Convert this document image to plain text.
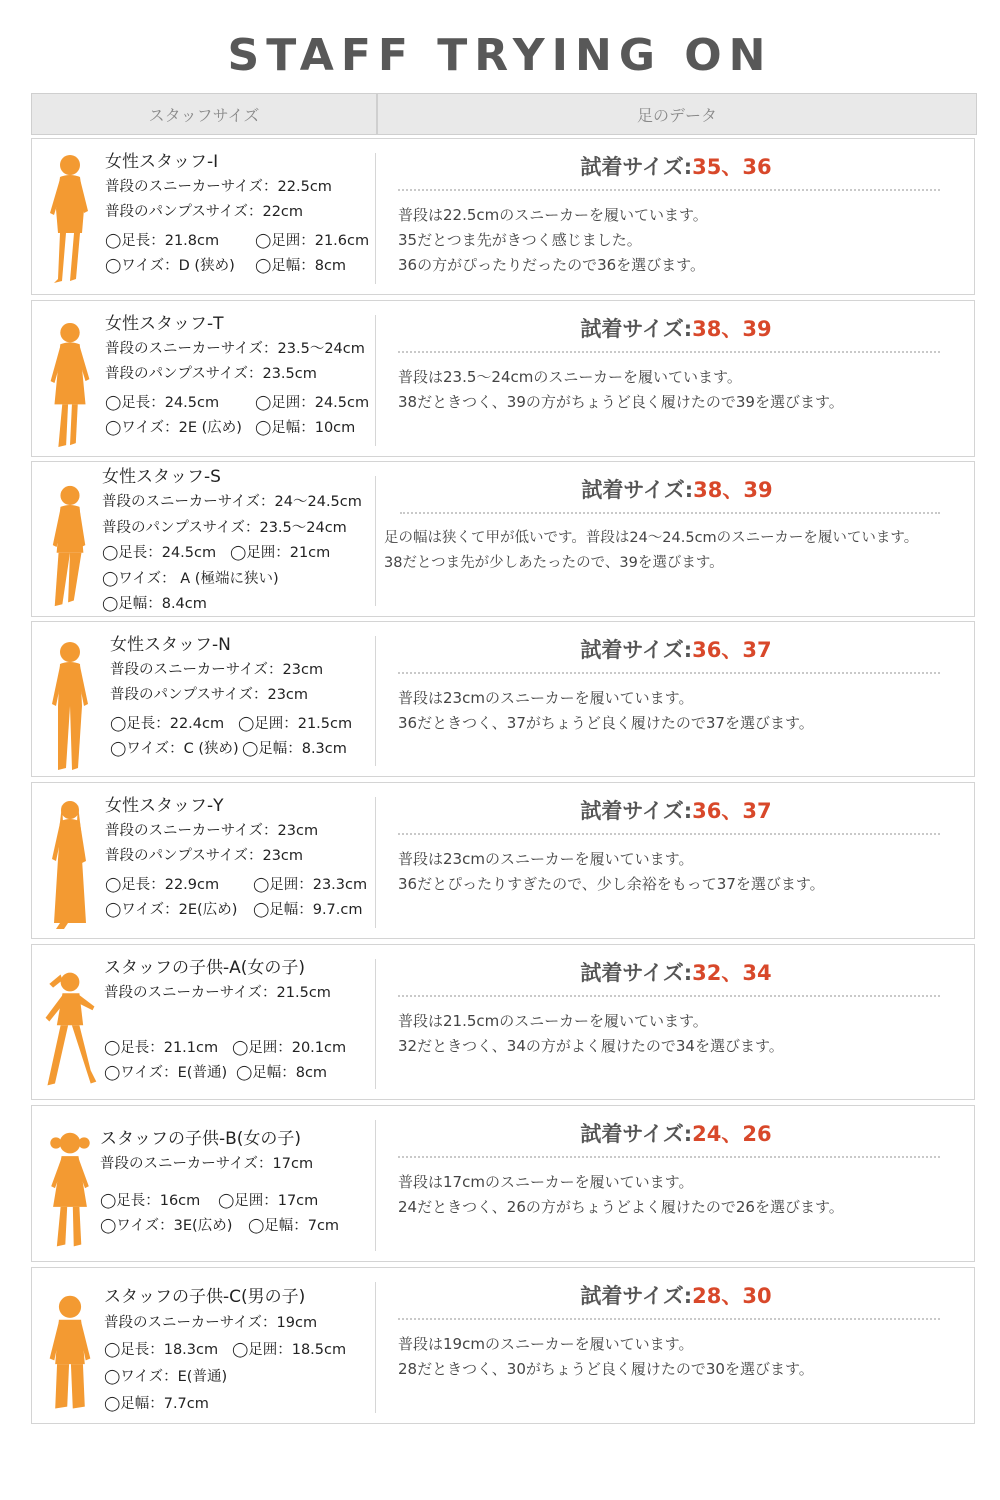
STAFF TRYING ON
スタッフサイズ	足のデータ
女性スタッフ-I
普段のスニーカーサイズ：22.5cm
普段のパンプスサイズ：22cm
◯足長：21.8cm	◯足囲：21.6cm
◯ワイズ：D (狭め)	◯足幅：8cm
試着サイズ:35、36
普段は22.5cmのスニーカーを履いています。
35だとつま先がきつく感じました。
36の方がぴったりだったので36を選びます。
女性スタッフ-T
普段のスニーカーサイズ：23.5〜24cm
普段のパンプスサイズ：23.5cm
◯足長：24.5cm	◯足囲：24.5cm
◯ワイズ：2E (広め) ◯足幅：10cm
試着サイズ:38、39
普段は23.5〜24cmのスニーカーを履いています。
38だときつく、39の方がちょうど良く履けたので39を選びます。
女性スタッフ-S
普段のスニーカーサイズ：24〜24.5cm
普段のパンプスサイズ：23.5〜24cm
◯足長：24.5cm ◯足囲：21cm
◯ワイズ： A (極端に狭い)
◯足幅：8.4cm
試着サイズ:38、39
足の幅は狭くて甲が低いです。普段は24〜24.5cmのスニーカーを履いています。
38だとつま先が少しあたったので、39を選びます。
女性スタッフ-N
普段のスニーカーサイズ：23cm
普段のパンプスサイズ：23cm
◯足長：22.4cm ◯足囲：21.5cm
◯ワイズ：C (狭め) ◯足幅：8.3cm
試着サイズ:36、37
普段は23cmのスニーカーを履いています。
36だときつく、37がちょうど良く履けたので37を選びます。
女性スタッフ-Y
普段のスニーカーサイズ：23cm
普段のパンプスサイズ：23cm
◯足長：22.9cm	◯足囲：23.3cm
◯ワイズ：2E(広め)	◯足幅：9.7.cm
試着サイズ:36、37
普段は23cmのスニーカーを履いています。
36だとぴったりすぎたので、少し余裕をもって37を選びます。
スタッフの子供-A(女の子)
普段のスニーカーサイズ：21.5cm
◯足長：21.1cm ◯足囲：20.1cm
◯ワイズ：E(普通) ◯足幅：8cm
試着サイズ:32、34
普段は21.5cmのスニーカーを履いています。
32だときつく、34の方がよく履けたので34を選びます。
スタッフの子供-B(女の子)
普段のスニーカーサイズ：17cm
◯足長：16cm	◯足囲：17cm
◯ワイズ：3E(広め)	◯足幅：7cm
試着サイズ:24、26
普段は17cmのスニーカーを履いています。
24だときつく、26の方がちょうどよく履けたので26を選びます。
スタッフの子供-C(男の子)
普段のスニーカーサイズ：19cm
◯足長：18.3cm ◯足囲：18.5cm
◯ワイズ：E(普通)
◯足幅：7.7cm
試着サイズ:28、30
普段は19cmのスニーカーを履いています。
28だときつく、30がちょうど良く履けたので30を選びます。
